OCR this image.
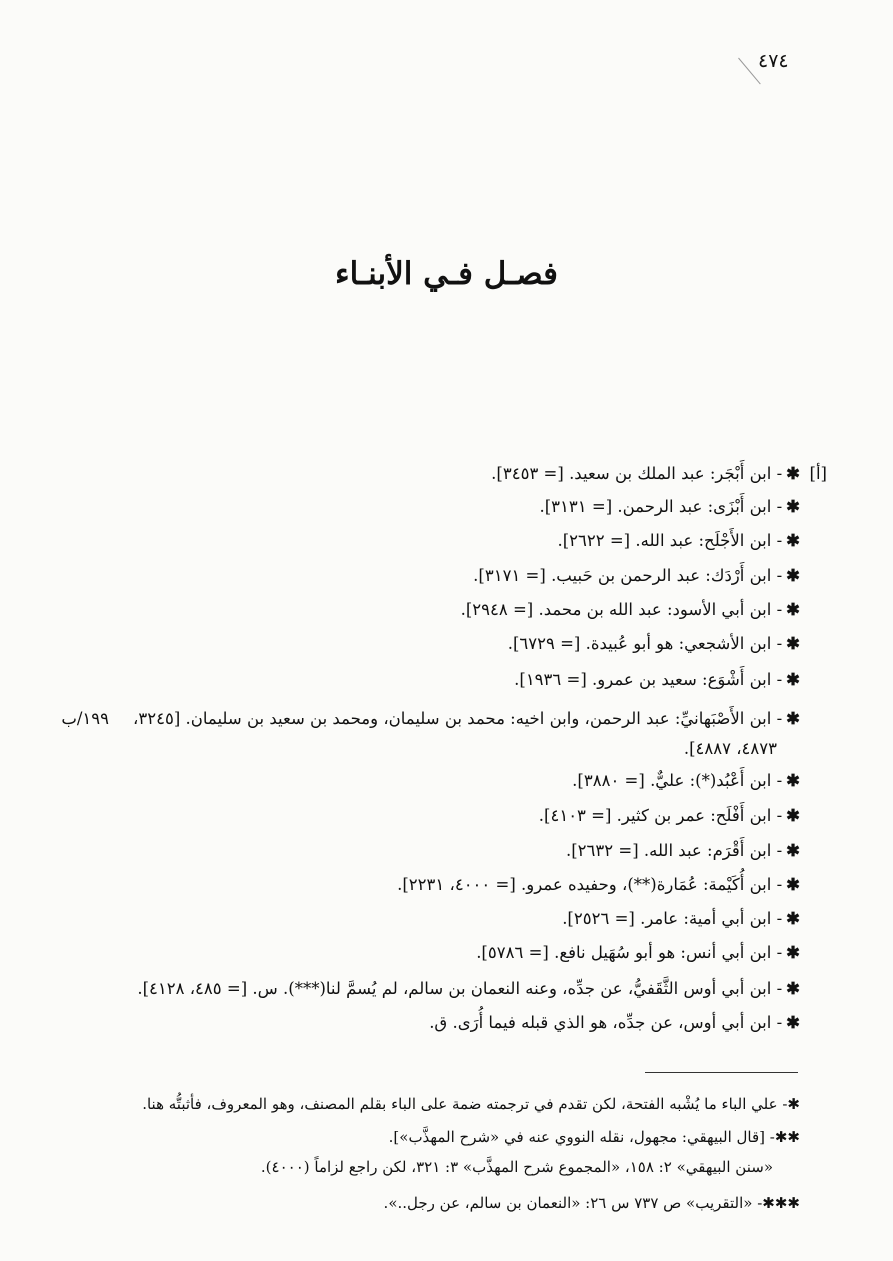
٤٧٤
فصـل فـي الأبنـاء
[أ]
١٩٩/ب
✱- ابن أَبْجَر: عبد الملك بن سعيد. [= ٣٤٥٣].
✱- ابن أَبْزَى: عبد الرحمن. [= ٣١٣١].
✱- ابن الأَجْلَح: عبد الله. [= ٢٦٢٢].
✱- ابن أَرْدَك: عبد الرحمن بن حَبيب. [= ٣١٧١].
✱- ابن أبي الأسود: عبد الله بن محمد. [= ٢٩٤٨].
✱- ابن الأشجعي: هو أبو عُبيدة. [= ٦٧٢٩].
✱- ابن أَشْوَع: سعيد بن عمرو. [= ١٩٣٦].
✱- ابن الأَصْبَهانيِّ: عبد الرحمن، وابن اخيه: محمد بن سليمان، ومحمد بن سعيد بن سليمان. [٣٢٤٥،
٤٨٧٣، ٤٨٨٧].
✱- ابن أَعْبُد(*): عليٌّ. [= ٣٨٨٠].
✱- ابن أَفْلَح: عمر بن كثير. [= ٤١٠٣].
✱- ابن أَقْرَم: عبد الله. [= ٢٦٣٢].
✱- ابن أُكَيْمة: عُمَارة(**)، وحفيده عمرو. [= ٤٠٠٠، ٢٢٣١].
✱- ابن أبي أمية: عامر. [= ٢٥٢٦].
✱- ابن أبي أنس: هو أبو سُهَيل نافع. [= ٥٧٨٦].
✱- ابن أبي أوس الثَّقَفيُّ، عن جدِّه، وعنه النعمان بن سالم، لم يُسمَّ لنا(***). س. [= ٤٨٥، ٤١٢٨].
✱- ابن أبي أوس، عن جدِّه، هو الذي قبله فيما أُرَى. ق.
✱- علي الباء ما يُشْبه الفتحة، لكن تقدم في ترجمته ضمة على الباء بقلم المصنف، وهو المعروف، فأثبتُّه هنا.
✱✱- [قال البيهقي: مجهول، نقله النووي عنه في «شرح المهذَّب»].
«سنن البيهقي» ٢: ١٥٨، «المجموع شرح المهذَّب» ٣: ٣٢١، لكن راجع لزاماً (٤٠٠٠).
✱✱✱- «التقريب» ص ٧٣٧ س ٢٦: «النعمان بن سالم، عن رجل..».
